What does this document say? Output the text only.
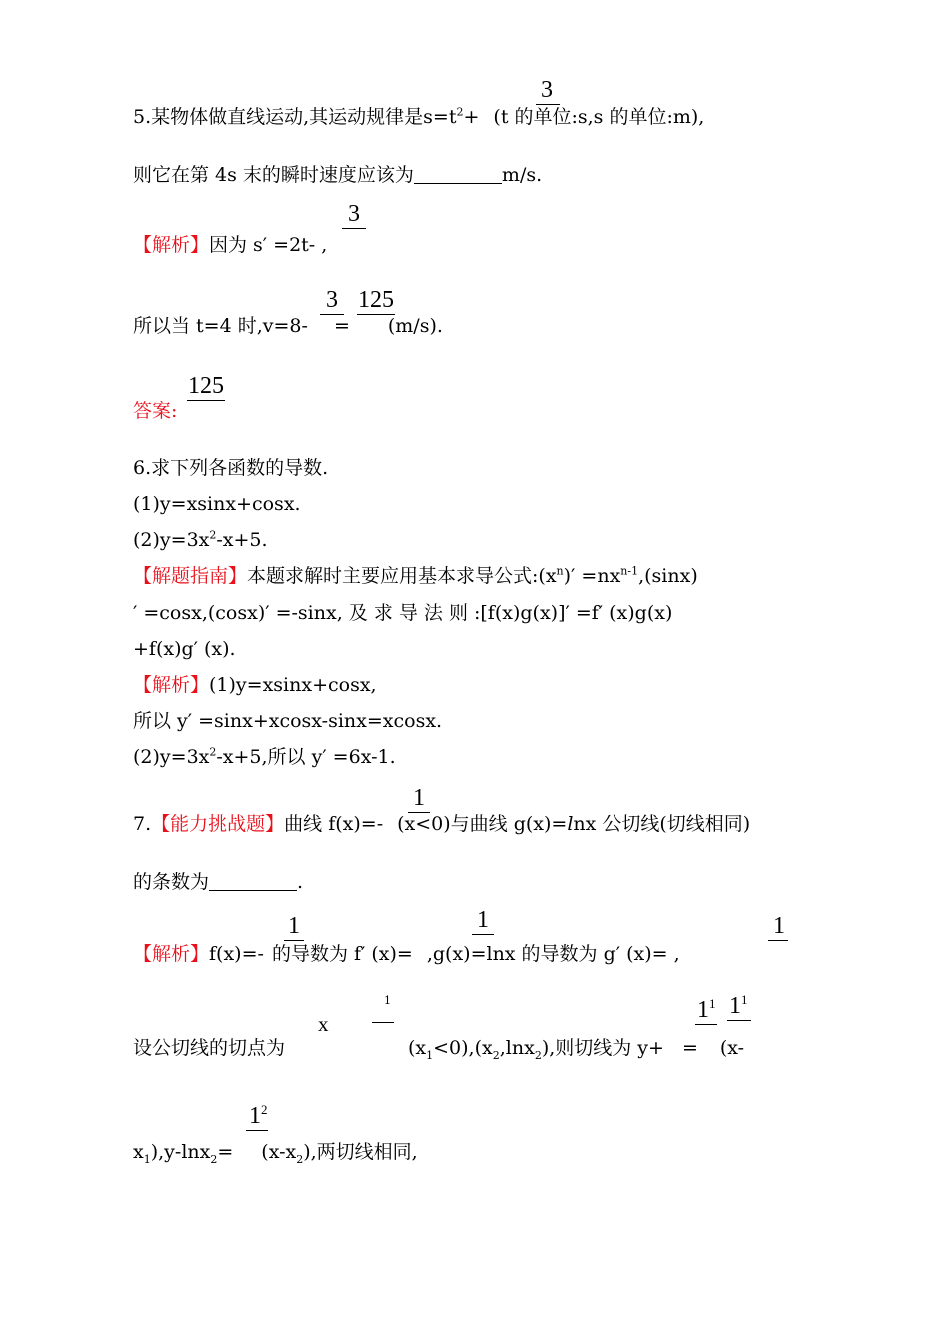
3
5.某物体做直线运动,其运动规律是$s=t^2+ (t$ 的单位:s,s 的单位:m),
则它在第 4s 末的瞬时速度应该为	m/s.
3
【解析】因为 s′ =2t- ,
3 125
所以当 t=4 时,v=8- = (m/s).
125
答案:
6.求下列各函数的导数.
(1)y=xsinx+cosx.
$(2)y=3x^2-x+5$.
【解题指南】本题求解时主要应用基本求导公式$:(x^n)' =nx^{n-1},(\sin x)$
′ =cosx,(cosx)′ =-sinx, 及 求 导 法 则 :[f(x)g(x)]′ =f′ (x)g(x)
+f(x)g′ (x).
【解析】(1)y=xsinx+cosx,
所以 y′ =sinx+xcosx-sinx=xcosx.
$(2)y=3x^2-x+5$,所以 y′ =6x-1.
1
7.【能力挑战题】曲线 f(x)=- (x<0)与曲线 g(x)=lnx 公切线(切线相同)
的条数为	.
1	1	1
【解析】f(x)=- 的导数为 f′ (x)= ,g(x)=lnx 的导数为 g′ (x)= ,
x
1	$1^1$ $1^1$
设公切线的切点为	$(x_1<0),(x_2,\ln x_2)$,则切线为 y+ = (x-
$1^2$
$x_1),y-\ln x_2= (x-x_2)$,两切线相同,
